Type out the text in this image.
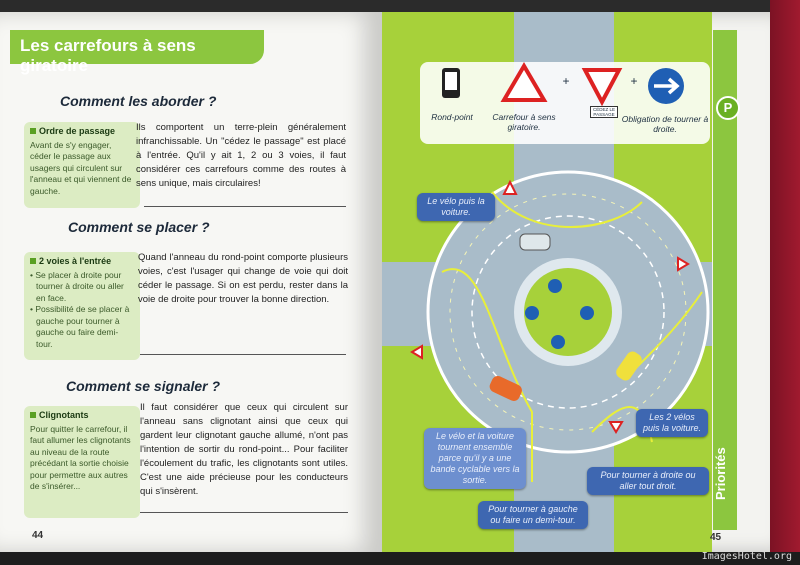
Les carrefours à sens giratoire
Comment les aborder ?
Ordre de passage
Avant de s'y engager, céder le passage aux usagers qui circulent sur l'anneau et qui viennent de gauche.
Ils comportent un terre-plein généralement infranchissable. Un "cédez le passage" est placé à l'entrée. Qu'il y ait 1, 2 ou 3 voies, il faut considérer ces carrefours comme des routes à sens unique, mais circulaires!
Comment se placer ?
2 voies à l'entrée
• Se placer à droite pour tourner à droite ou aller en face.
• Possibilité de se placer à gauche pour tourner à gauche ou faire demi-tour.
Quand l'anneau du rond-point comporte plusieurs voies, c'est l'usager qui change de voie qui doit céder le passage. Si on est perdu, rester dans la voie de droite pour trouver la bonne direction.
Comment se signaler ?
Clignotants
Pour quitter le carrefour, il faut allumer les clignotants au niveau de la route précédant la sortie choisie pour permettre aux autres de s'insérer...
Il faut considérer que ceux qui circulent sur l'anneau sans clignotant ainsi que ceux qui gardent leur clignotant gauche allumé, n'ont pas l'intention de sortir du rond-point... Pour faciliter l'écoulement du trafic, les clignotants sont utiles. C'est une aide précieuse pour les conducteurs qui s'insèrent.
44
Priorités
P
Rond-point	Carrefour à sens giratoire.
+
CÉDEZ LE PASSAGE
+
Obligation de tourner à droite.
Le vélo puis la voiture.
Le vélo et la voiture tournent ensemble parce qu'il y a une bande cyclable vers la sortie.
Les 2 vélos puis la voiture.
Pour tourner à droite ou aller tout droit.
Pour tourner à gauche ou faire un demi-tour.
45
ImagesHotel.org
